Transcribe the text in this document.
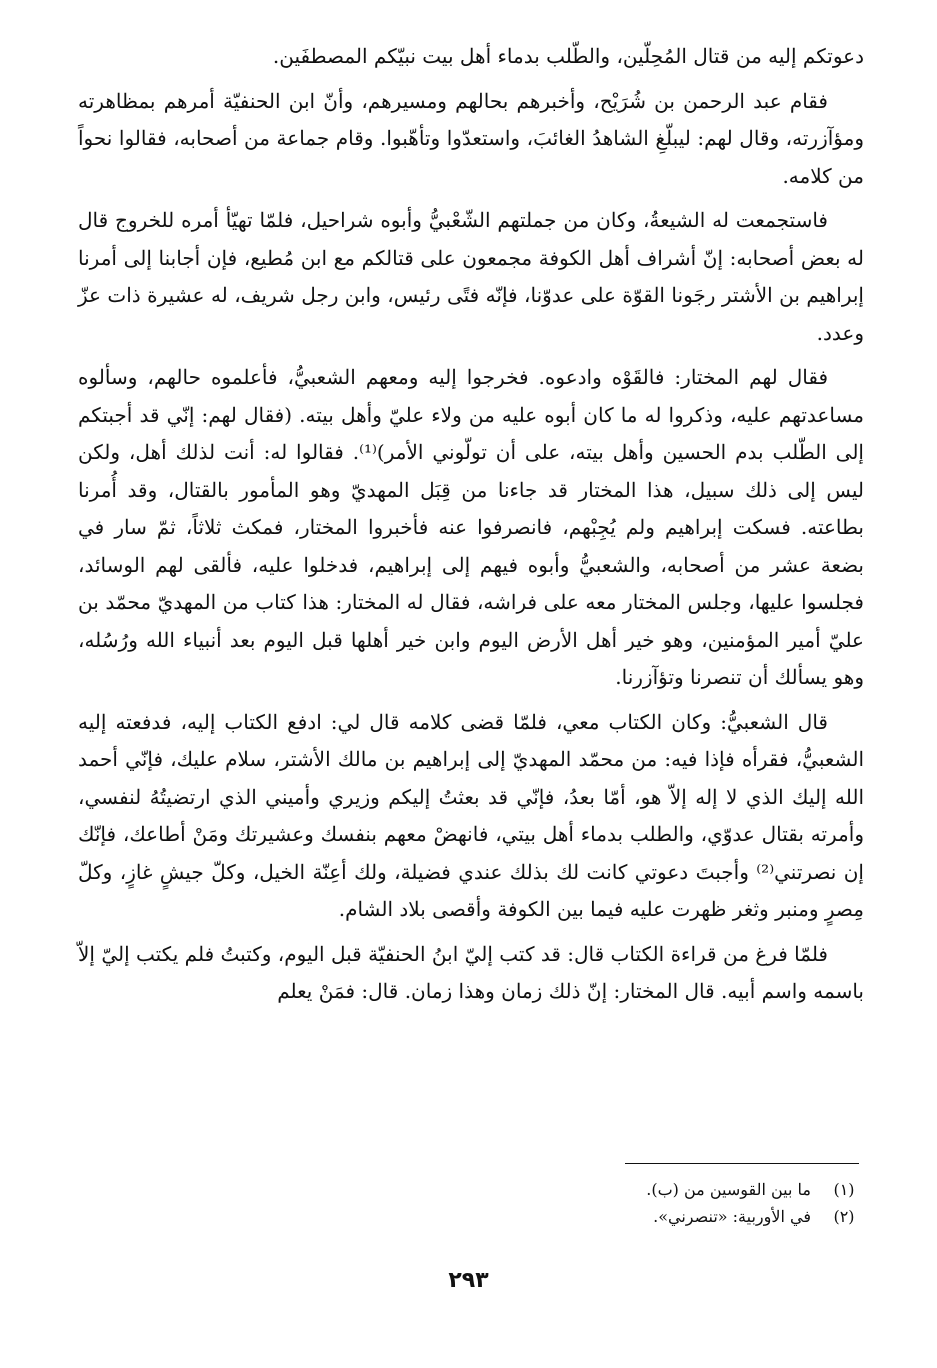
دعوتكم إليه من قتال المُحِلّين، والطّلب بدماء أهل بيت نبيّكم المصطفَين.

فقام عبد الرحمن بن شُرَيْح، وأخبرهم بحالهم ومسيرهم، وأنّ ابن الحنفيّة أمرهم بمظاهرته ومؤآزرته، وقال لهم: ليبلّغِ الشاهدُ الغائبَ، واستعدّوا وتأهّبوا. وقام جماعة من أصحابه، فقالوا نحواً من كلامه.

فاستجمعت له الشيعةُ، وكان من جملتهم الشّعْبيُّ وأبوه شراحيل، فلمّا تهيّأ أمره للخروج قال له بعض أصحابه: إنّ أشراف أهل الكوفة مجمعون على قتالكم مع ابن مُطيع، فإن أجابنا إلى أمرنا إبراهيم بن الأشتر رجَونا القوّة على عدوّنا، فإنّه فتًى رئيس، وابن رجل شريف، له عشيرة ذات عزّ وعدد.

فقال لهم المختار: فالقَوْه وادعوه. فخرجوا إليه ومعهم الشعبيُّ، فأعلموه حالهم، وسألوه مساعدتهم عليه، وذكروا له ما كان أبوه عليه من ولاء عليّ وأهل بيته. (فقال لهم: إنّي قد أجبتكم إلى الطّلب بدم الحسين وأهل بيته، على أن تولّوني الأمر)⁽¹⁾. فقالوا له: أنت لذلك أهل، ولكن ليس إلى ذلك سبيل، هذا المختار قد جاءنا من قِبَل المهديّ وهو المأمور بالقتال، وقد أُمرنا بطاعته. فسكت إبراهيم ولم يُجِبْهم، فانصرفوا عنه فأخبروا المختار، فمكث ثلاثاً، ثمّ سار في بضعة عشر من أصحابه، والشعبيُّ وأبوه فيهم إلى إبراهيم، فدخلوا عليه، فألقى لهم الوسائد، فجلسوا عليها، وجلس المختار معه على فراشه، فقال له المختار: هذا كتاب من المهديّ محمّد بن عليّ أمير المؤمنين، وهو خير أهل الأرض اليوم وابن خير أهلها قبل اليوم بعد أنبياء الله ورُسُله، وهو يسألك أن تنصرنا وتؤآزرنا.

قال الشعبيُّ: وكان الكتاب معي، فلمّا قضى كلامه قال لي: ادفع الكتاب إليه، فدفعته إليه الشعبيُّ، فقرأه فإذا فيه: من محمّد المهديّ إلى إبراهيم بن مالك الأشتر، سلام عليك، فإنّي أحمد الله إليك الذي لا إله إلاّ هو، أمّا بعدُ، فإنّي قد بعثتُ إليكم وزيري وأميني الذي ارتضيتُهُ لنفسي، وأمرته بقتال عدوّي، والطلب بدماء أهل بيتي، فانهضْ معهم بنفسك وعشيرتك ومَنْ أطاعك، فإنّك إن نصرتني⁽²⁾ وأجبتَ دعوتي كانت لك بذلك عندي فضيلة، ولك أعِنّة الخيل، وكلّ جيشٍ غازٍ، وكلّ مِصرٍ ومنبر وثغر ظهرت عليه فيما بين الكوفة وأقصى بلاد الشام.

فلمّا فرغ من قراءة الكتاب قال: قد كتب إليّ ابنُ الحنفيّة قبل اليوم، وكتبتُ فلم يكتب إليّ إلاّ باسمه واسم أبيه. قال المختار: إنّ ذلك زمان وهذا زمان. قال: فمَنْ يعلم

(١)ما بين القوسين من (ب).
(٢)في الأوربية: «تنصرني».
٢٩٣
